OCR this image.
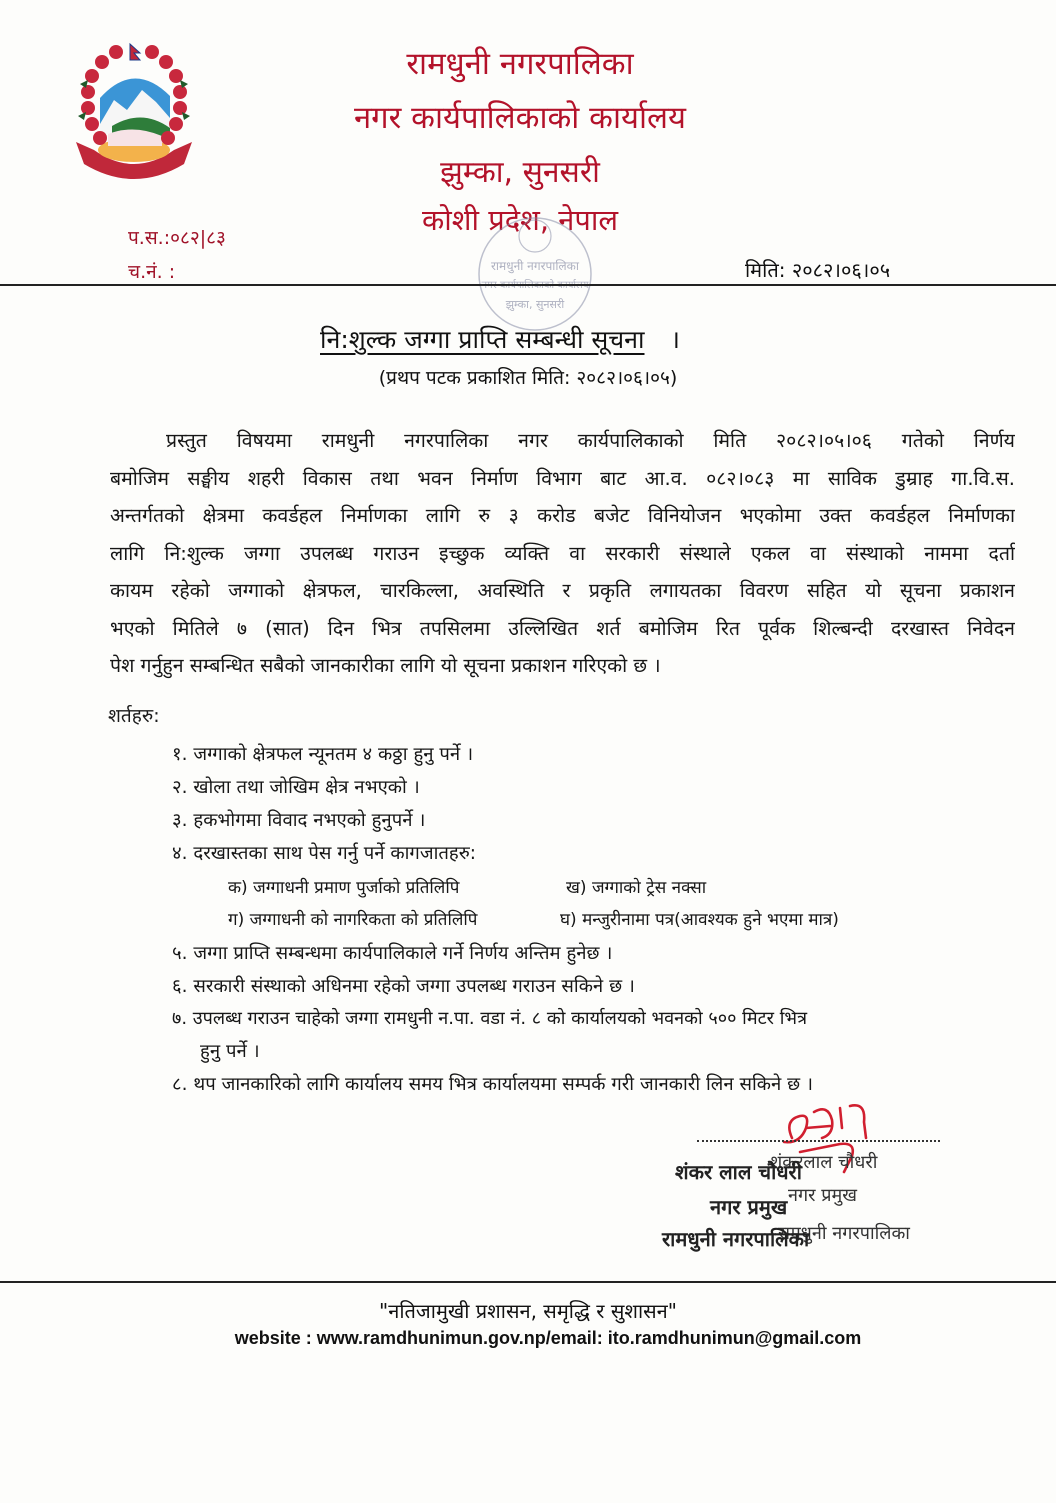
रामधुनी नगरपालिका
नगर कार्यपालिकाको कार्यालय
झुम्का, सुनसरी
कोशी प्रदेश, नेपाल
प.स.:०८२|८३
च.नं. :	मिति: २०८२।०६।०५
रामधुनी नगरपालिका
झुम्का, सुनसरी
नि:शुल्क जग्गा प्राप्ति सम्बन्धी सूचना ।
(प्रथप पटक प्रकाशित मिति: २०८२।०६।०५)
प्रस्तुत विषयमा रामधुनी नगरपालिका नगर कार्यपालिकाको मिति २०८२।०५।०६ गतेको निर्णय
बमोजिम सङ्घीय शहरी विकास तथा भवन निर्माण विभाग बाट आ.व. ०८२।०८३ मा साविक डुम्राह गा.वि.स.
अन्तर्गतको क्षेत्रमा कवर्डहल निर्माणका लागि रु ३ करोड बजेट विनियोजन भएकोमा उक्त कवर्डहल निर्माणका
लागि नि:शुल्क जग्गा उपलब्ध गराउन इच्छुक व्यक्ति वा सरकारी संस्थाले एकल वा संस्थाको नाममा दर्ता
कायम रहेको जग्गाको क्षेत्रफल, चारकिल्ला, अवस्थिति र प्रकृति लगायतका विवरण सहित यो सूचना प्रकाशन
भएको मितिले ७ (सात) दिन भित्र तपसिलमा उल्लिखित शर्त बमोजिम रित पूर्वक शिल्बन्दी दरखास्त निवेदन
पेश गर्नुहुन सम्बन्धित सबैको जानकारीका लागि यो सूचना प्रकाशन गरिएको छ ।
शर्तहरु:
१. जग्गाको क्षेत्रफल न्यूनतम ४ कठ्ठा हुनु पर्ने ।
२. खोला तथा जोखिम क्षेत्र नभएको ।
३. हकभोगमा विवाद नभएको हुनुपर्ने ।
४. दरखास्तका साथ पेस गर्नु पर्ने कागजातहरु:
क) जग्गाधनी प्रमाण पुर्जाको प्रतिलिपि	ख) जग्गाको ट्रेस नक्सा
ग) जग्गाधनी को नागरिकता को प्रतिलिपि	घ) मन्जुरीनामा पत्र(आवश्यक हुने भएमा मात्र)
५. जग्गा प्राप्ति सम्बन्धमा कार्यपालिकाले गर्ने निर्णय अन्तिम हुनेछ ।
६. सरकारी संस्थाको अधिनमा रहेको जग्गा उपलब्ध गराउन सकिने छ ।
७. उपलब्ध गराउन चाहेको जग्गा रामधुनी न.पा. वडा नं. ८ को कार्यालयको भवनको ५०० मिटर भित्र
हुनु पर्ने ।
८. थप जानकारिको लागि कार्यालय समय भित्र कार्यालयमा सम्पर्क गरी जानकारी लिन सकिने छ ।
शंकरलाल चौधरी
शंकर लाल चौधरी
नगर प्रमुख
नगर प्रमुख
रामधुनी नगरपालिका
रामधुनी नगरपालिका
"नतिजामुखी प्रशासन, समृद्धि र सुशासन"
website : www.ramdhunimun.gov.np/email: ito.ramdhunimun@gmail.com
